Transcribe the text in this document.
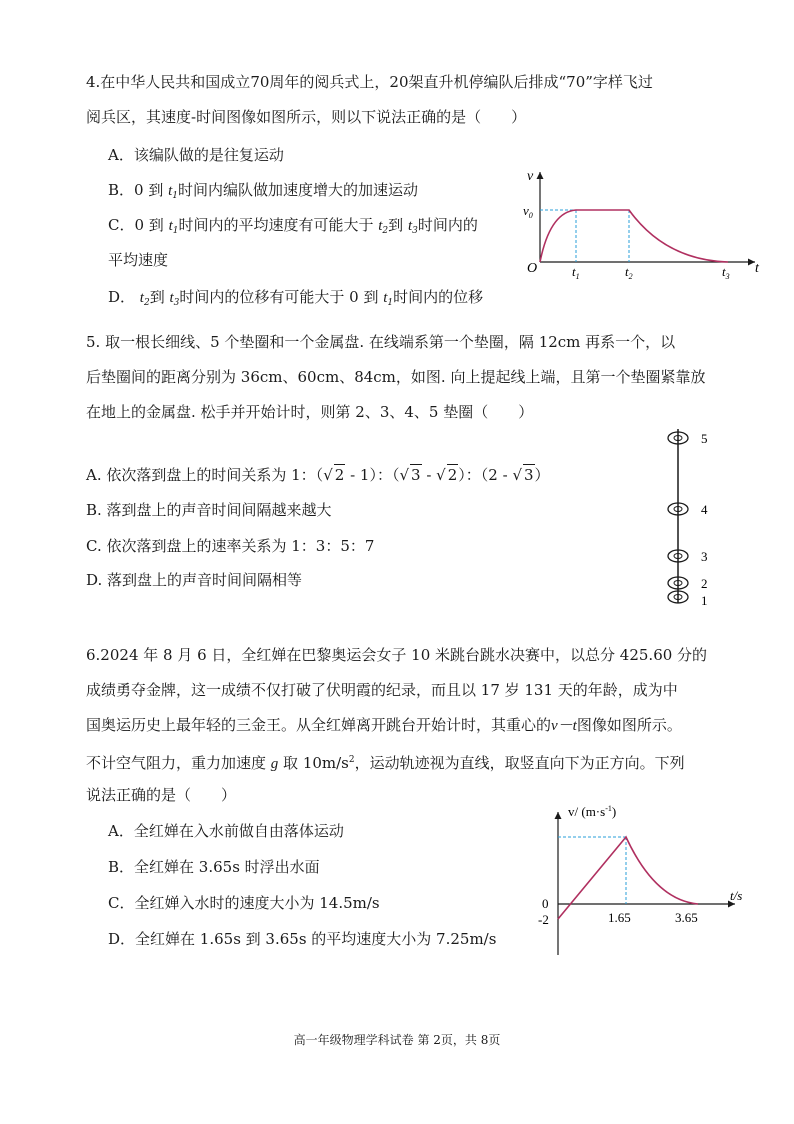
4.在中华人民共和国成立70周年的阅兵式上，20架直升机停编队后排成“70”字样飞过
阅兵区，其速度-时间图像如图所示，则以下说法正确的是（　　）
A．该编队做的是往复运动
B．0 到 $t_1$时间内编队做加速度增大的加速运动
C．0 到 $t_1$时间内的平均速度有可能大于 $t_2$到 $t_3$时间内的
平均速度
D． $t_2$到 $t_3$时间内的位移有可能大于 0 到 $t_1$时间内的位移
v
t
O
$v_0$
$t_1$	$t_2$	$t_3$
5. 取一根长细线、5 个垫圈和一个金属盘. 在线端系第一个垫圈，隔 12cm 再系一个，以
后垫圈间的距离分别为 36cm、60cm、84cm，如图. 向上提起线上端，且第一个垫圈紧靠放
在地上的金属盘. 松手并开始计时，则第 2、3、4、5 垫圈（　　）
A. 依次落到盘上的时间关系为 1：（√ 2 - 1）：（√ 3 - √ 2）：（2 - √ 3）
B. 落到盘上的声音时间间隔越来越大
C. 依次落到盘上的速率关系为 1：3：5：7
D. 落到盘上的声音时间间隔相等
5
4
3
2
1
6.2024 年 8 月 6 日，全红婵在巴黎奥运会女子 10 米跳台跳水决赛中，以总分 425.60 分的
成绩勇夺金牌，这一成绩不仅打破了伏明霞的纪录，而且以 17 岁 131 天的年龄，成为中
国奥运历史上最年轻的三金王。从全红婵离开跳台开始计时，其重心的v－t图像如图所示。
不计空气阻力，重力加速度 g 取 $10m/s^2$，运动轨迹视为直线，取竖直向下为正方向。下列
说法正确的是（　　）
A．全红婵在入水前做自由落体运动
B．全红婵在 3.65s 时浮出水面
C．全红婵入水时的速度大小为 14.5m/s
D．全红婵在 1.65s 到 3.65s 的平均速度大小为 7.25m/s
v/ $(m\cdot s^{-1})$
t/s
0
-2	1.65	3.65
高一年级物理学科试卷 第 2页，共 8页
